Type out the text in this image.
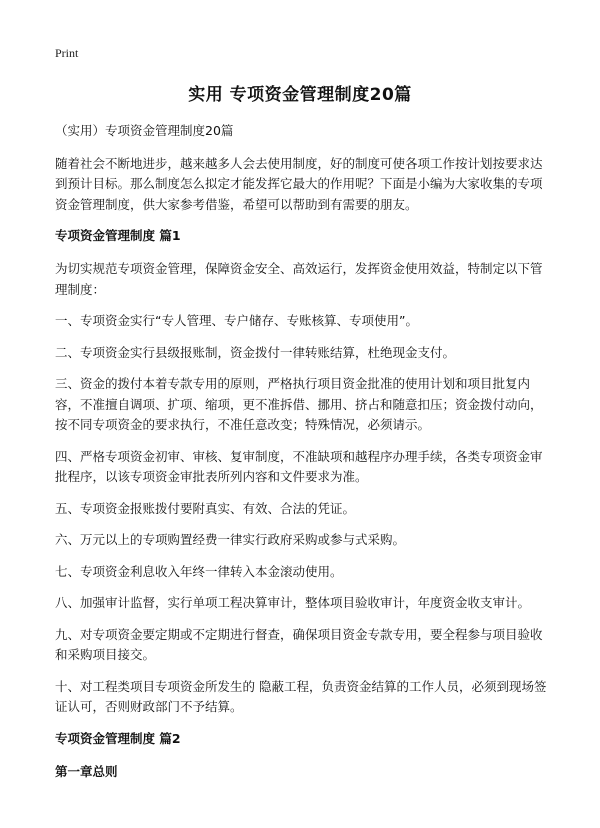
Print
实用 专项资金管理制度20篇

（实用）专项资金管理制度20篇

随着社会不断地进步，越来越多人会去使用制度，好的制度可使各项工作按计划按要求达到预计目标。那么制度怎么拟定才能发挥它最大的作用呢？下面是小编为大家收集的专项资金管理制度，供大家参考借鉴，希望可以帮助到有需要的朋友。

专项资金管理制度 篇1

为切实规范专项资金管理，保障资金安全、高效运行，发挥资金使用效益，特制定以下管理制度：

一、专项资金实行“专人管理、专户储存、专账核算、专项使用”。

二、专项资金实行县级报账制，资金拨付一律转账结算，杜绝现金支付。

三、资金的拨付本着专款专用的原则，严格执行项目资金批准的使用计划和项目批复内容，不准擅自调项、扩项、缩项，更不准拆借、挪用、挤占和随意扣压；资金拨付动向，按不同专项资金的要求执行，不准任意改变；特殊情况，必须请示。

四、严格专项资金初审、审核、复审制度，不准缺项和越程序办理手续，各类专项资金审批程序，以该专项资金审批表所列内容和文件要求为准。

五、专项资金报账拨付要附真实、有效、合法的凭证。

六、万元以上的专项购置经费一律实行政府采购或参与式采购。

七、专项资金利息收入年终一律转入本金滚动使用。

八、加强审计监督，实行单项工程决算审计，整体项目验收审计，年度资金收支审计。

九、对专项资金要定期或不定期进行督查，确保项目资金专款专用，要全程参与项目验收和采购项目接交。

十、对工程类项目专项资金所发生的 隐蔽工程，负责资金结算的工作人员，必须到现场签证认可，否则财政部门不予结算。

专项资金管理制度 篇2
第一章总则
